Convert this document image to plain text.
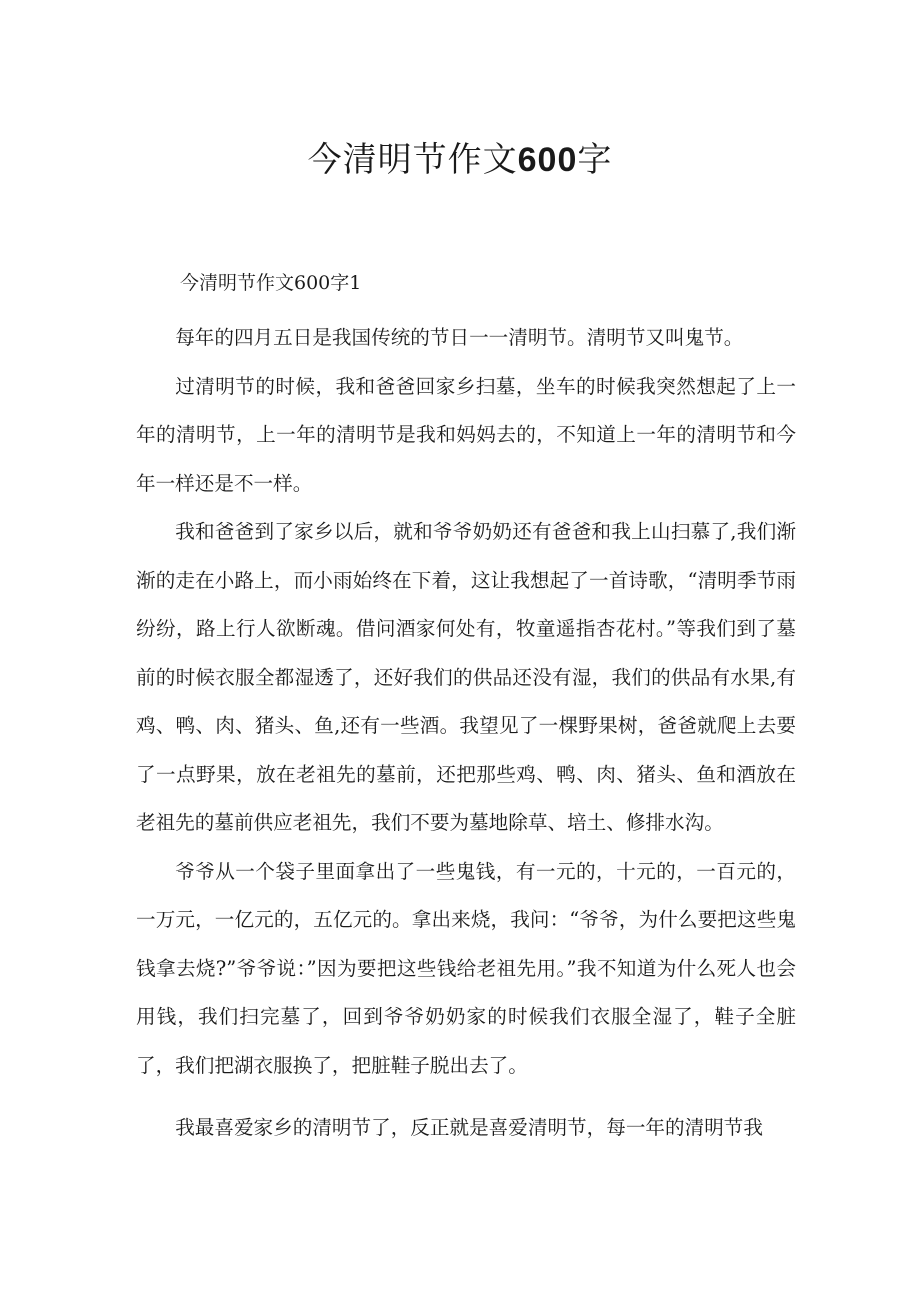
今清明节作文600字
今清明节作文600字1

每年的四月五日是我国传统的节日一一清明节。清明节又叫鬼节。

过清明节的时候，我和爸爸回家乡扫墓，坐车的时候我突然想起了上一年的清明节，上一年的清明节是我和妈妈去的，不知道上一年的清明节和今年一样还是不一样。

我和爸爸到了家乡以后，就和爷爷奶奶还有爸爸和我上山扫慕了,我们渐渐的走在小路上，而小雨始终在下着，这让我想起了一首诗歌，“清明季节雨纷纷，路上行人欲断魂。借问酒家何处有，牧童遥指杏花村。”等我们到了墓前的时候衣服全都湿透了，还好我们的供品还没有湿，我们的供品有水果,有鸡、鸭、肉、猪头、鱼,还有一些酒。我望见了一棵野果树，爸爸就爬上去要了一点野果，放在老祖先的墓前，还把那些鸡、鸭、肉、猪头、鱼和酒放在老祖先的墓前供应老祖先，我们不要为墓地除草、培土、修排水沟。

爷爷从一个袋子里面拿出了一些鬼钱，有一元的，十元的，一百元的，一万元，一亿元的，五亿元的。拿出来烧，我问：“爷爷，为什么要把这些鬼钱拿去烧?”爷爷说：”因为要把这些钱给老祖先用。”我不知道为什么死人也会用钱，我们扫完墓了，回到爷爷奶奶家的时候我们衣服全湿了，鞋子全脏了，我们把湖衣服换了，把脏鞋子脱出去了。

我最喜爱家乡的清明节了，反正就是喜爱清明节，每一年的清明节我
